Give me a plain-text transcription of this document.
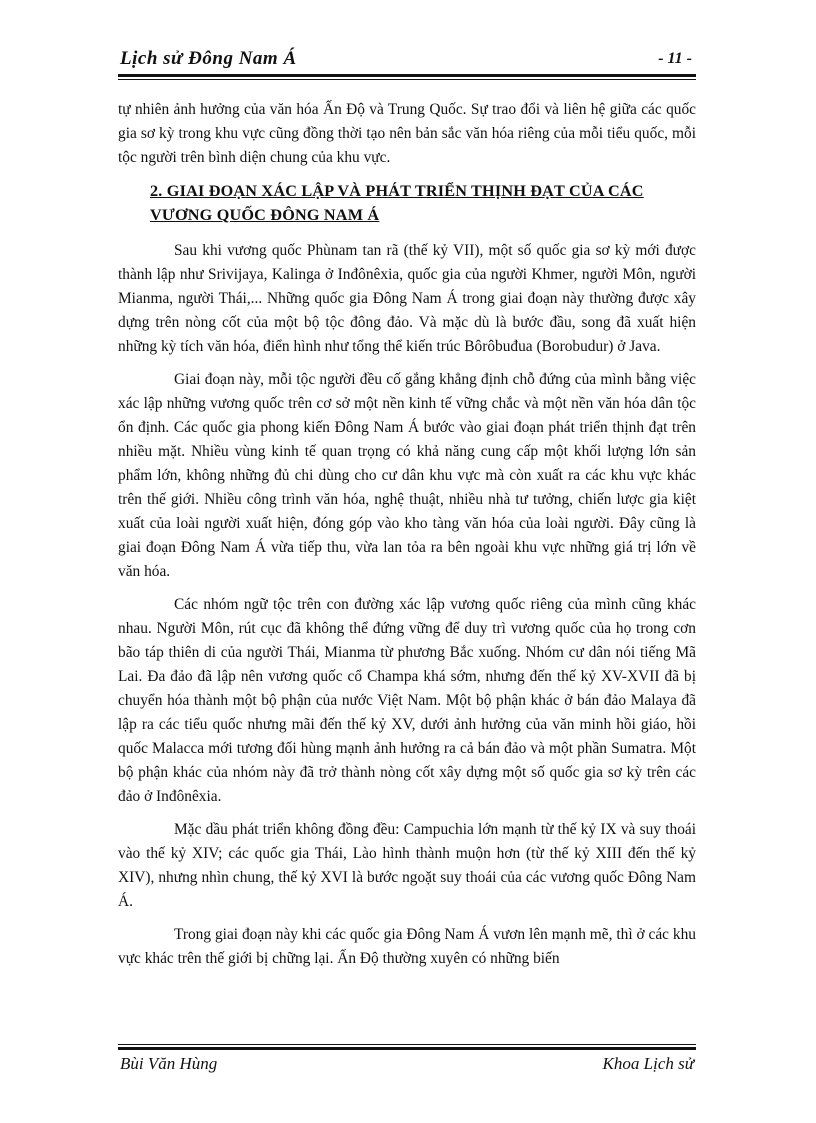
Lịch sử Đông Nam Á	- 11 -

tự nhiên ảnh hưởng của văn hóa Ấn Độ và Trung Quốc. Sự trao đổi và liên hệ giữa các quốc gia sơ kỳ trong khu vực cũng đồng thời tạo nên bản sắc văn hóa riêng của mỗi tiểu quốc, mỗi tộc người trên bình diện chung của khu vực.

2. GIAI ĐOẠN XÁC LẬP VÀ PHÁT TRIỂN THỊNH ĐẠT CỦA CÁC VƯƠNG QUỐC ĐÔNG NAM Á

Sau khi vương quốc Phùnam tan rã (thế kỷ VII), một số quốc gia sơ kỳ mới được thành lập như Srivijaya, Kalinga ở Inđônêxia, quốc gia của người Khmer, người Môn, người Mianma, người Thái,... Những quốc gia Đông Nam Á trong giai đoạn này thường được xây dựng trên nòng cốt của một bộ tộc đông đảo. Và mặc dù là bước đầu, song đã xuất hiện những kỳ tích văn hóa, điển hình như tổng thể kiến trúc Bôrôbuđua (Borobudur) ở Java.

Giai đoạn này, mỗi tộc người đều cố gắng khẳng định chỗ đứng của mình bằng việc xác lập những vương quốc trên cơ sở một nền kinh tế vững chắc và một nền văn hóa dân tộc ổn định. Các quốc gia phong kiến Đông Nam Á bước vào giai đoạn phát triển thịnh đạt trên nhiều mặt. Nhiều vùng kinh tế quan trọng có khả năng cung cấp một khối lượng lớn sản phẩm lớn, không những đủ chi dùng cho cư dân khu vực mà còn xuất ra các khu vực khác trên thế giới. Nhiều công trình văn hóa, nghệ thuật, nhiều nhà tư tưởng, chiến lược gia kiệt xuất của loài người xuất hiện, đóng góp vào kho tàng văn hóa của loài người. Đây cũng là giai đoạn Đông Nam Á vừa tiếp thu, vừa lan tỏa ra bên ngoài khu vực những giá trị lớn về văn hóa.

Các nhóm ngữ tộc trên con đường xác lập vương quốc riêng của mình cũng khác nhau. Người Môn, rút cục đã không thể đứng vững để duy trì vương quốc của họ trong cơn bão táp thiên di của người Thái, Mianma từ phương Bắc xuống. Nhóm cư dân nói tiếng Mã Lai. Đa đảo đã lập nên vương quốc cổ Champa khá sớm, nhưng đến thế kỷ XV-XVII đã bị chuyển hóa thành một bộ phận của nước Việt Nam. Một bộ phận khác ở bán đảo Malaya đã lập ra các tiểu quốc nhưng mãi đến thế kỷ XV, dưới ảnh hưởng của văn minh hồi giáo, hồi quốc Malacca mới tương đối hùng mạnh ảnh hưởng ra cả bán đảo và một phần Sumatra. Một bộ phận khác của nhóm này đã trở thành nòng cốt xây dựng một số quốc gia sơ kỳ trên các đảo ở Inđônêxia.

Mặc dầu phát triển không đồng đều: Campuchia lớn mạnh từ thế kỷ IX và suy thoái vào thế kỷ XIV; các quốc gia Thái, Lào hình thành muộn hơn (từ thế kỷ XIII đến thế kỷ XIV), nhưng nhìn chung, thế kỷ XVI là bước ngoặt suy thoái của các vương quốc Đông Nam Á.

Trong giai đoạn này khi các quốc gia Đông Nam Á vươn lên mạnh mẽ, thì ở các khu vực khác trên thế giới bị chững lại. Ấn Độ thường xuyên có những biến

Bùi Văn Hùng	Khoa Lịch sử
